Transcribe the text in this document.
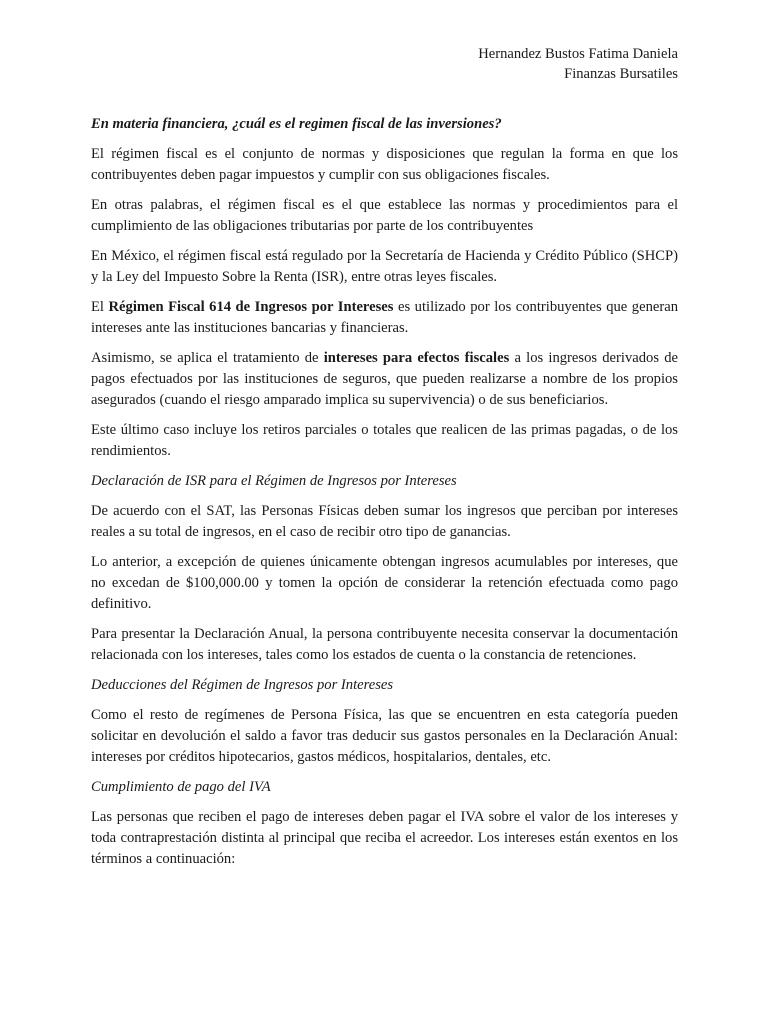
Hernandez Bustos Fatima Daniela
Finanzas Bursatiles

En materia financiera, ¿cuál es el regimen fiscal de las inversiones?

El régimen fiscal es el conjunto de normas y disposiciones que regulan la forma en que los contribuyentes deben pagar impuestos y cumplir con sus obligaciones fiscales.

En otras palabras, el régimen fiscal es el que establece las normas y procedimientos para el cumplimiento de las obligaciones tributarias por parte de los contribuyentes

En México, el régimen fiscal está regulado por la Secretaría de Hacienda y Crédito Público (SHCP) y la Ley del Impuesto Sobre la Renta (ISR), entre otras leyes fiscales.

El Régimen Fiscal 614 de Ingresos por Intereses es utilizado por los contribuyentes que generan intereses ante las instituciones bancarias y financieras.

Asimismo, se aplica el tratamiento de intereses para efectos fiscales a los ingresos derivados de pagos efectuados por las instituciones de seguros, que pueden realizarse a nombre de los propios asegurados (cuando el riesgo amparado implica su supervivencia) o de sus beneficiarios.

Este último caso incluye los retiros parciales o totales que realicen de las primas pagadas, o de los rendimientos.

Declaración de ISR para el Régimen de Ingresos por Intereses

De acuerdo con el SAT, las Personas Físicas deben sumar los ingresos que perciban por intereses reales a su total de ingresos, en el caso de recibir otro tipo de ganancias.

Lo anterior, a excepción de quienes únicamente obtengan ingresos acumulables por intereses, que no excedan de $100,000.00 y tomen la opción de considerar la retención efectuada como pago definitivo.

Para presentar la Declaración Anual, la persona contribuyente necesita conservar la documentación relacionada con los intereses, tales como los estados de cuenta o la constancia de retenciones.

Deducciones del Régimen de Ingresos por Intereses

Como el resto de regímenes de Persona Física, las que se encuentren en esta categoría pueden solicitar en devolución el saldo a favor tras deducir sus gastos personales en la Declaración Anual: intereses por créditos hipotecarios, gastos médicos, hospitalarios, dentales, etc.

Cumplimiento de pago del IVA

Las personas que reciben el pago de intereses deben pagar el IVA sobre el valor de los intereses y toda contraprestación distinta al principal que reciba el acreedor. Los intereses están exentos en los términos a continuación:
